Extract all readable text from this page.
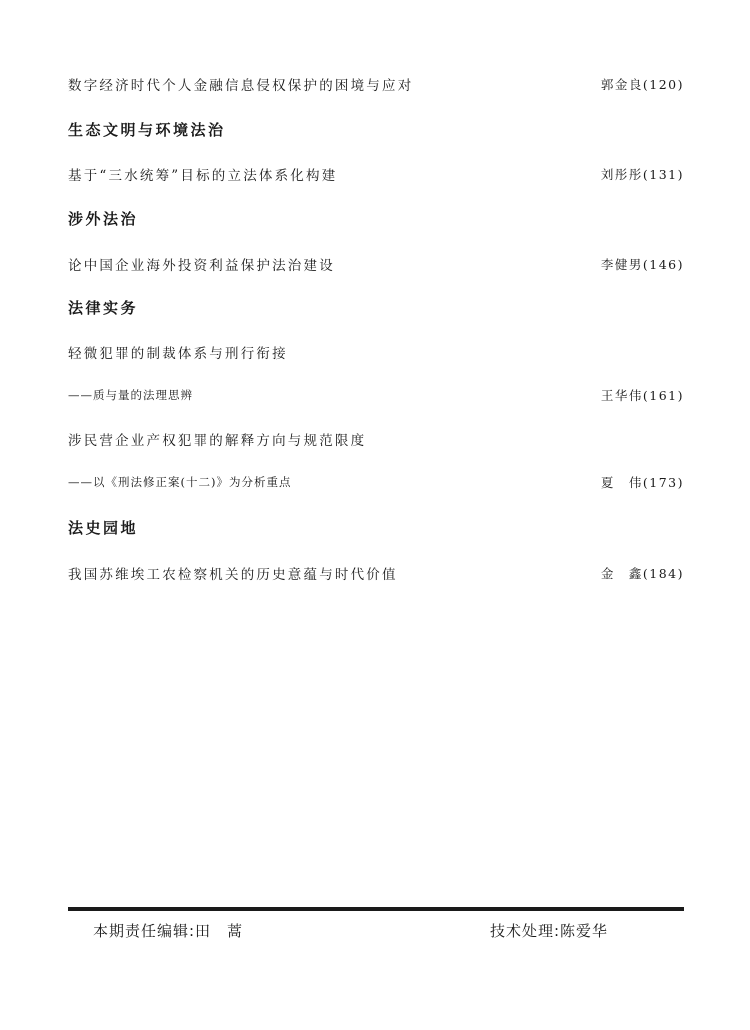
数字经济时代个人金融信息侵权保护的困境与应对	郭金良(120)
生态文明与环境法治
基于“三水统筹”目标的立法体系化构建	刘彤彤(131)
涉外法治
论中国企业海外投资利益保护法治建设	李健男(146)
法律实务
轻微犯罪的制裁体系与刑行衔接
——质与量的法理思辨	王华伟(161)
涉民营企业产权犯罪的解释方向与规范限度
——以《刑法修正案(十二)》为分析重点	夏　伟(173)
法史园地
我国苏维埃工农检察机关的历史意蕴与时代价值	金　鑫(184)
本期责任编辑:田　蒿	技术处理:陈爱华
